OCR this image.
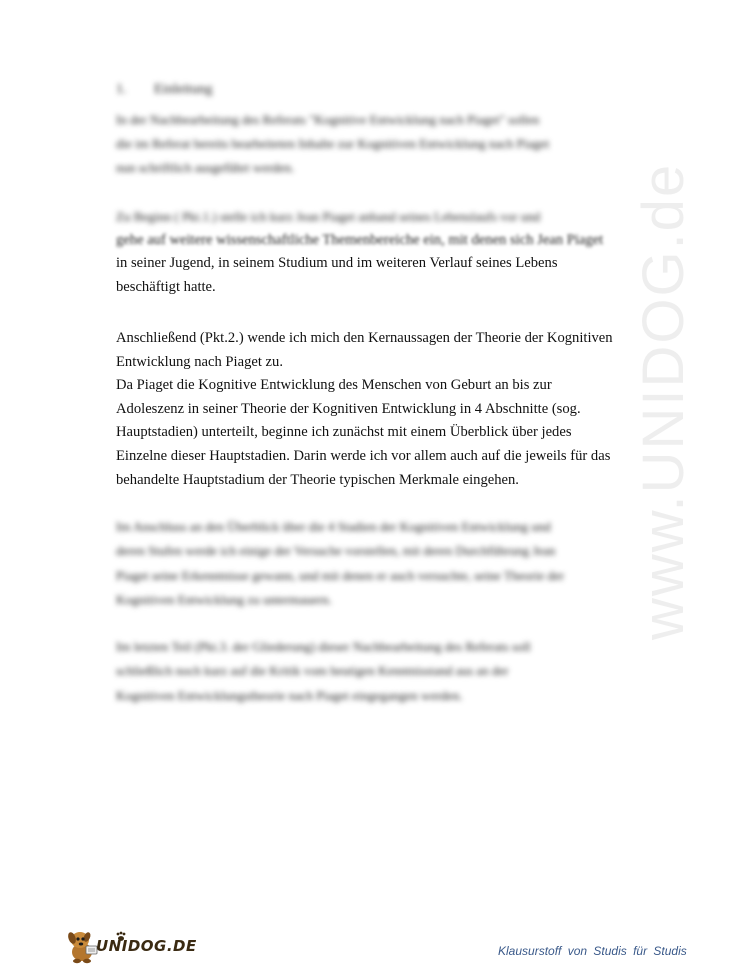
1. Einleitung
In der Nachbearbeitung des Referats "Kognitive Entwicklung nach Piaget" sollen
die im Referat bereits bearbeiteten Inhalte zur Kognitiven Entwicklung nach Piaget
nun schriftlich ausgeführt werden.
Zu Beginn ( Pkt.1.) stelle ich kurz Jean Piaget anhand seines Lebenslaufs vor und
gehe auf weitere wissenschaftliche Themenbereiche ein, mit denen sich Jean Piaget
in seiner Jugend, in seinem Studium und im weiteren Verlauf seines Lebens
beschäftigt hatte.
Anschließend (Pkt.2.) wende ich mich den Kernaussagen der Theorie der Kognitiven
Entwicklung nach Piaget zu.
Da Piaget die Kognitive Entwicklung des Menschen von Geburt an bis zur
Adoleszenz in seiner Theorie der Kognitiven Entwicklung in 4 Abschnitte (sog.
Hauptstadien) unterteilt, beginne ich zunächst mit einem Überblick über jedes
Einzelne dieser Hauptstadien. Darin werde ich vor allem auch auf die jeweils für das
behandelte Hauptstadium der Theorie typischen Merkmale eingehen.
Im Anschluss an den Überblick über die 4 Stadien der Kognitiven Entwicklung und
deren Stufen werde ich einige der Versuche vorstellen, mit deren Durchführung Jean
Piaget seine Erkenntnisse gewann, und mit denen er auch versuchte, seine Theorie der
Kognitiven Entwicklung zu untermauern.
Im letzten Teil (Pkt.3. der Gliederung) dieser Nachbearbeitung des Referats soll
schließlich noch kurz auf die Kritik vom heutigen Kenntnisstand aus an der
Kognitiven Entwicklungstheorie nach Piaget eingegangen werden.
www.UNIDOG.de
UNIDOG.DE	Klausurstoff von Studis für Studis
